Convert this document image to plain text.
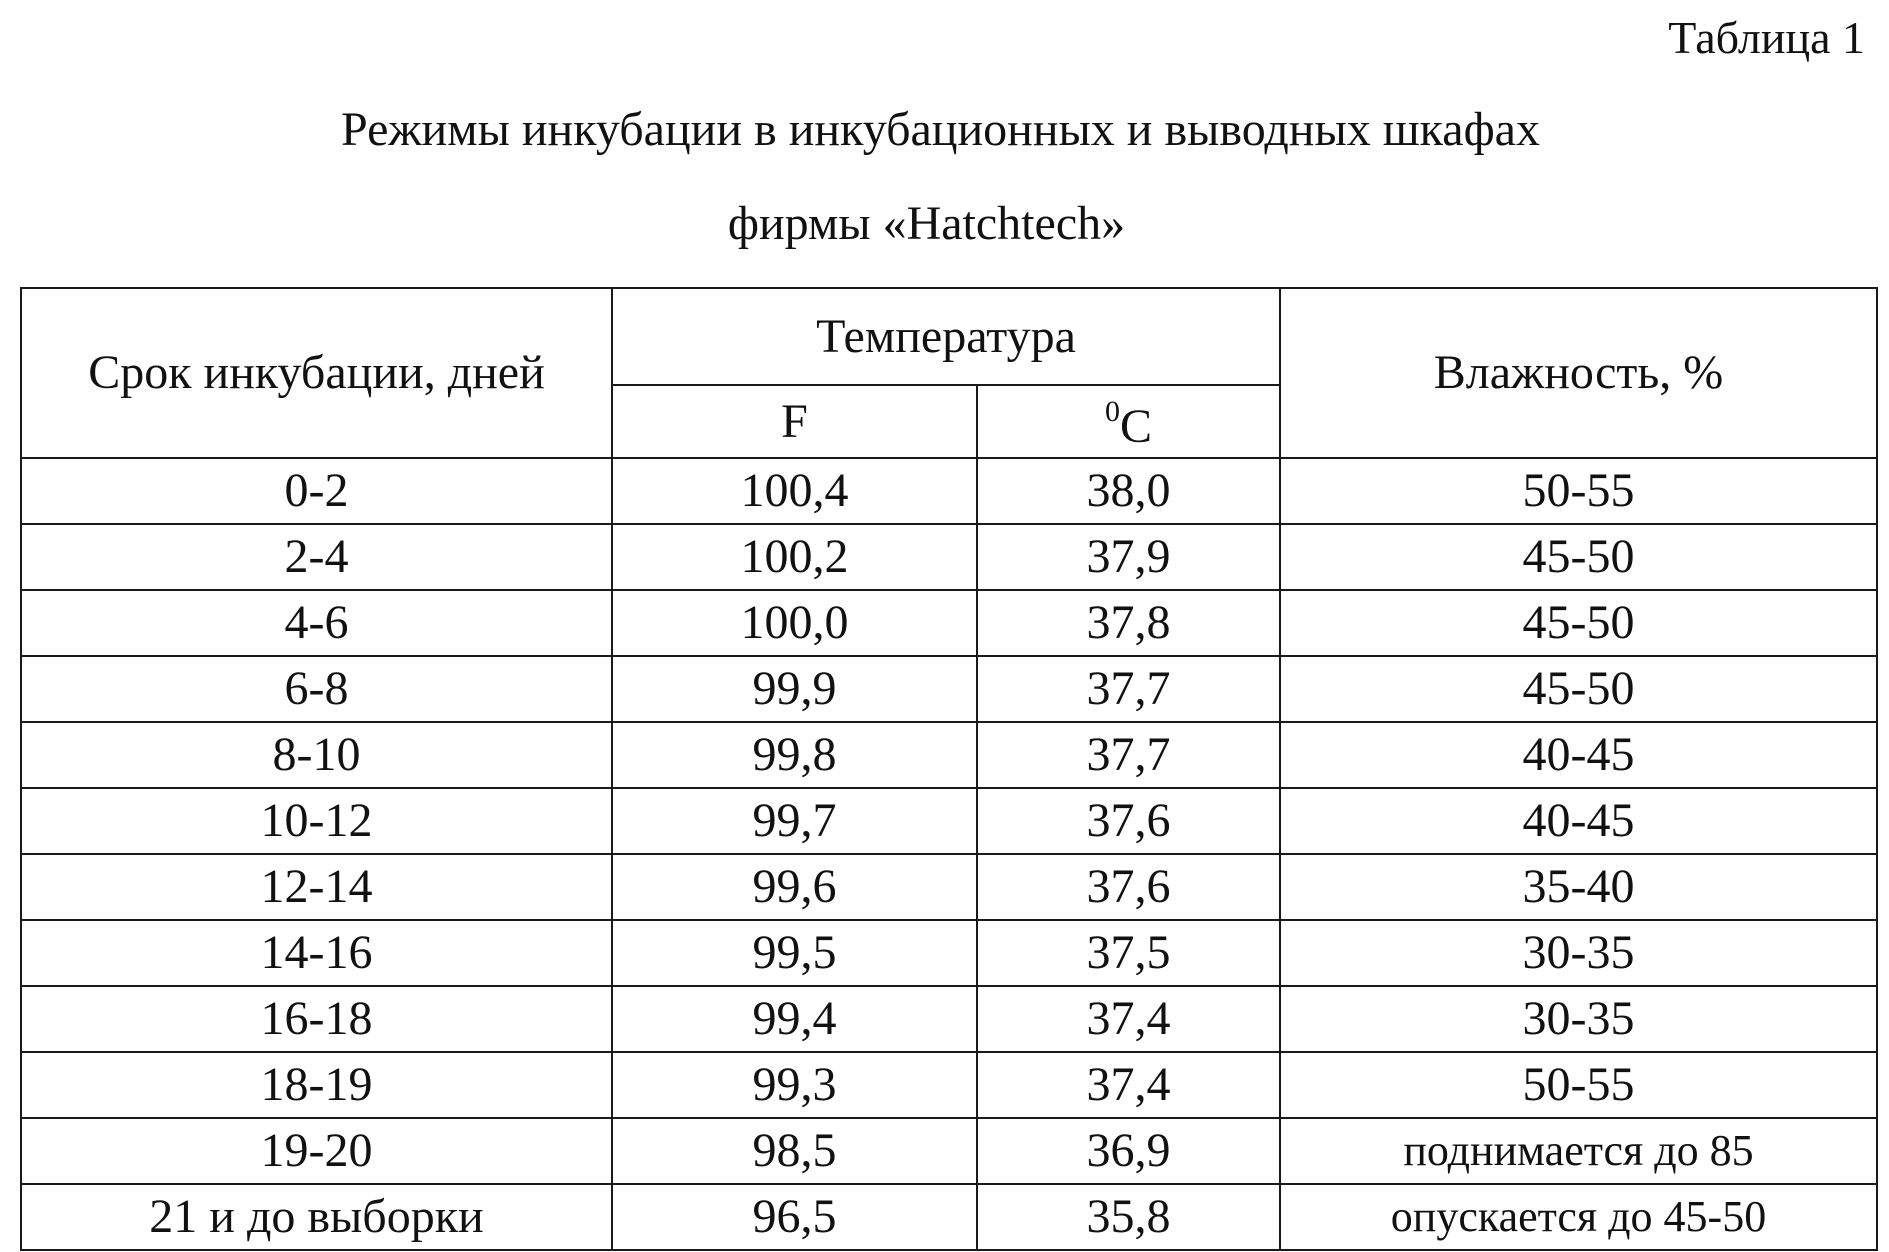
Таблица 1
Режимы инкубации в инкубационных и выводных шкафах
фирмы «Hatchtech»
Срок инкубации, дней	Температура		Влажность, %
	F	$^0$C	
0-2	100,4	38,0	50-55
2-4	100,2	37,9	45-50
4-6	100,0	37,8	45-50
6-8	99,9	37,7	45-50
8-10	99,8	37,7	40-45
10-12	99,7	37,6	40-45
12-14	99,6	37,6	35-40
14-16	99,5	37,5	30-35
16-18	99,4	37,4	30-35
18-19	99,3	37,4	50-55
19-20	98,5	36,9	поднимается до 85
21 и до выборки	96,5	35,8	опускается до 45-50
